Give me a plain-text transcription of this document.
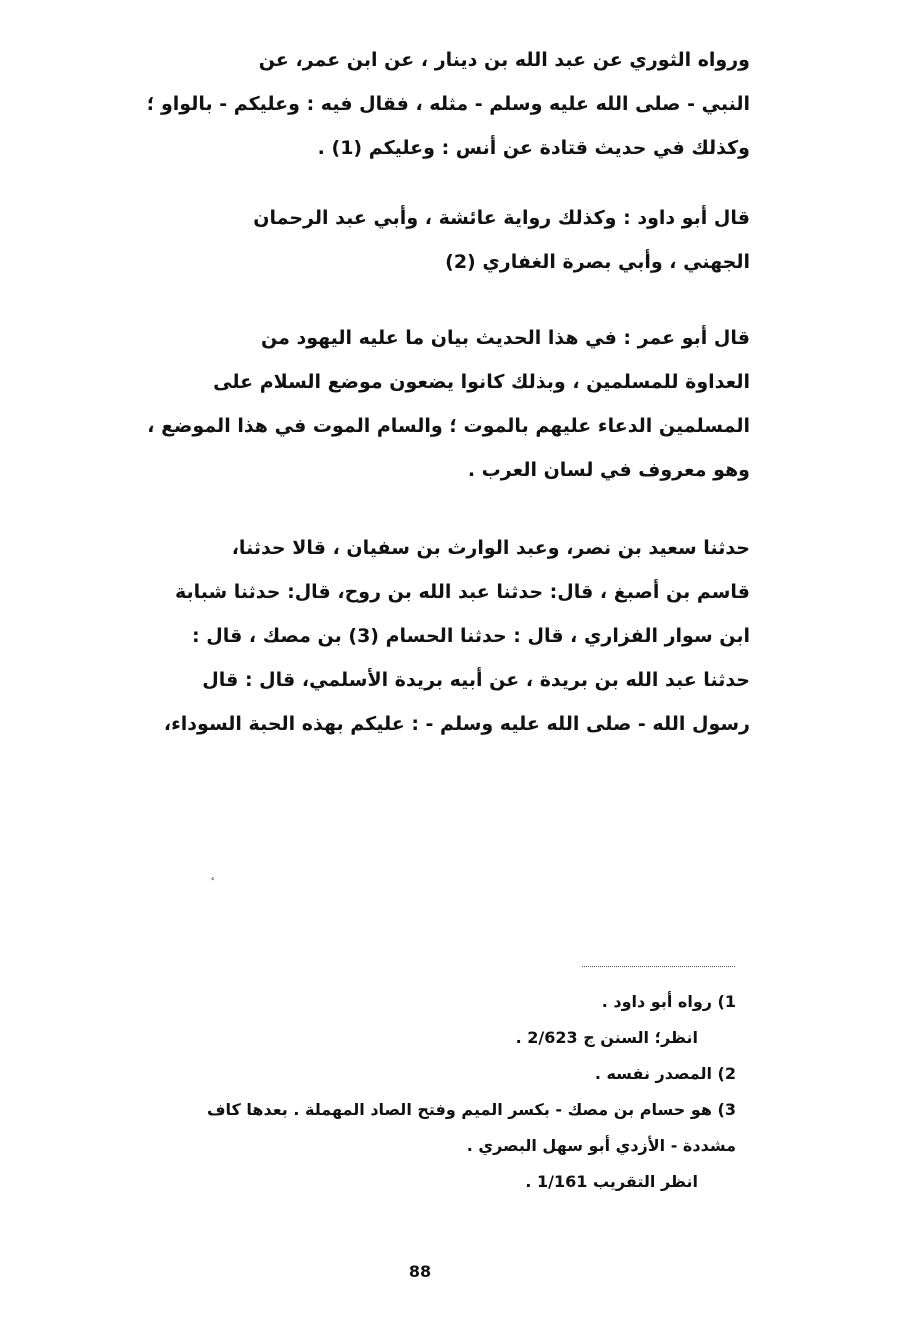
ورواه الثوري عن عبد الله بن دينار ، عن ابن عمر، عن
النبي - صلى الله عليه وسلم - مثله ، فقال فيه : وعليكم - بالواو ؛
وكذلك في حديث قتادة عن أنس : وعليكم (1) .
قال أبو داود : وكذلك رواية عائشة ، وأبي عبد الرحمان
الجهني ، وأبي بصرة الغفاري (2)
قال أبو عمر : في هذا الحديث بيان ما عليه اليهود من
العداوة للمسلمين ، وبذلك كانوا يضعون موضع السلام على
المسلمين الدعاء عليهم بالموت ؛ والسام الموت في هذا الموضع ،
وهو معروف في لسان العرب .
حدثنا سعيد بن نصر، وعبد الوارث بن سفيان ، قالا حدثنا،
قاسم بن أصبغ ، قال: حدثنا عبد الله بن روح، قال: حدثنا شبابة
ابن سوار الفزاري ، قال : حدثنا الحسام (3) بن مصك ، قال :
حدثنا عبد الله بن بريدة ، عن أبيه بريدة الأسلمي، قال : قال
رسول الله - صلى الله عليه وسلم - : عليكم بهذه الحبة السوداء،
˂
1) رواه أبو داود .
انظر؛ السنن ج 2/623 .
2) المصدر نفسه .
3) هو حسام بن مصك - بكسر الميم وفتح الصاد المهملة . بعدها كاف
مشددة - الأزدي أبو سهل البصري .
انظر التقريب 1/161 .
88
